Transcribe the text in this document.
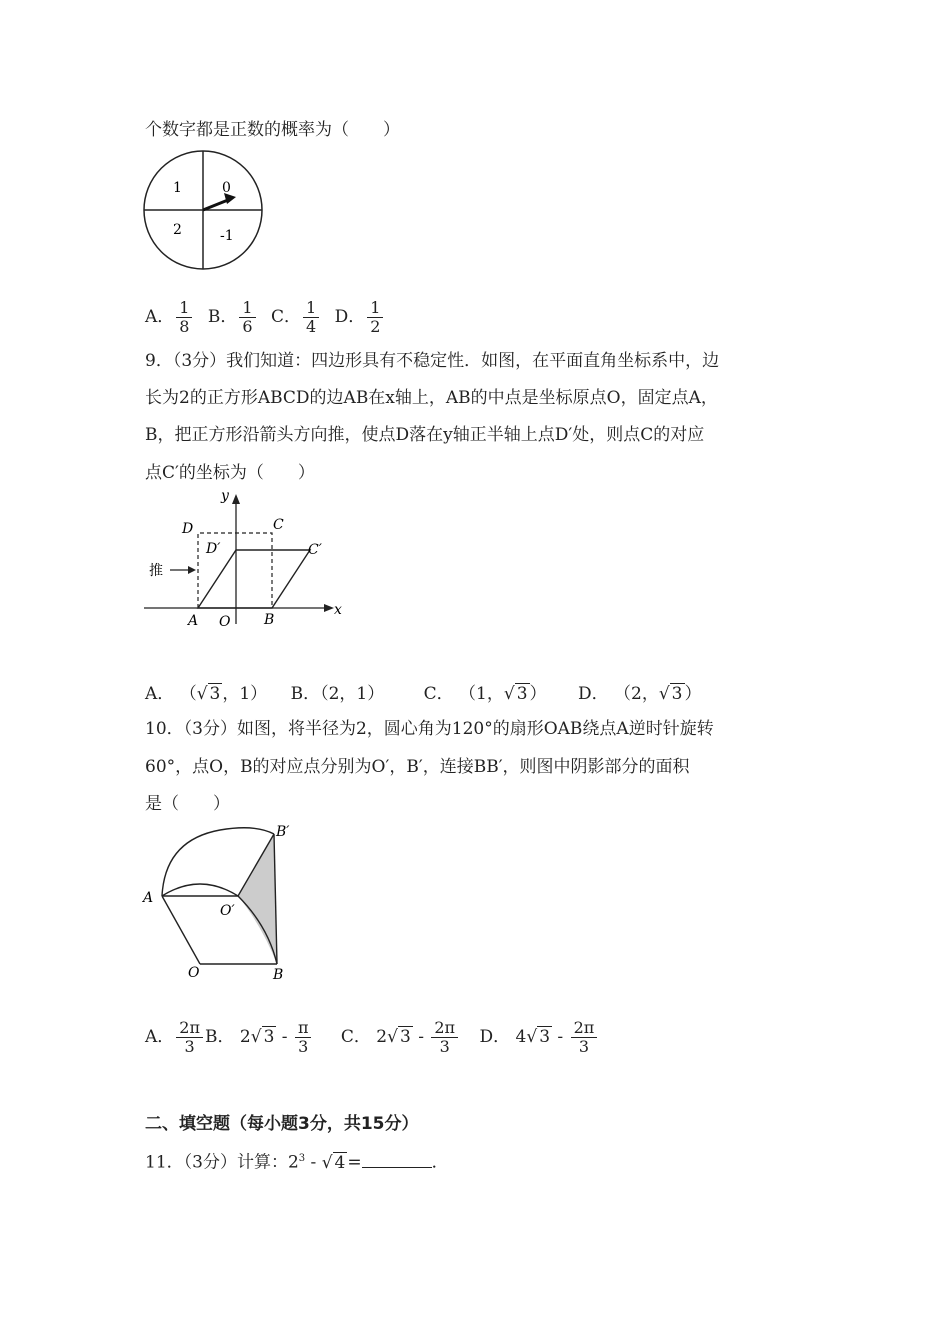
个数字都是正数的概率为（　　）
1	0
2	-1
A． $\frac{1}{8}$ B． $\frac{1}{6}$ C． $\frac{1}{4}$ D． $\frac{1}{2}$
9．（3分）我们知道：四边形具有不稳定性．如图，在平面直角坐标系中，边
长为2的正方形ABCD的边AB在x轴上，AB的中点是坐标原点O，固定点A，
B，把正方形沿箭头方向推，使点D落在y轴正半轴上点D′处，则点C的对应
点C′的坐标为（　　）
y
x
D	C
D′	C′
推
A O B
A． （√ 3 ，1） B．（2，1） C． （1，√ 3 ） D． （2，√ 3 ）
10．（3分）如图，将半径为2，圆心角为120°的扇形OAB绕点A逆时针旋转
60°，点O，B的对应点分别为O′，B′，连接BB′，则图中阴影部分的面积
是（　　）
B′
A
O′
O	B
A． $\frac{2\pi}{3}$ B． 2√ $3 - \frac{\pi}{3}$ C． 2√ $3 - \frac{2\pi}{3}$ D． 4√ $3 - \frac{2\pi}{3}$
二、填空题（每小题3分，共15分）
11．（3分）计算：$2^3$ - √ 4 =	．
